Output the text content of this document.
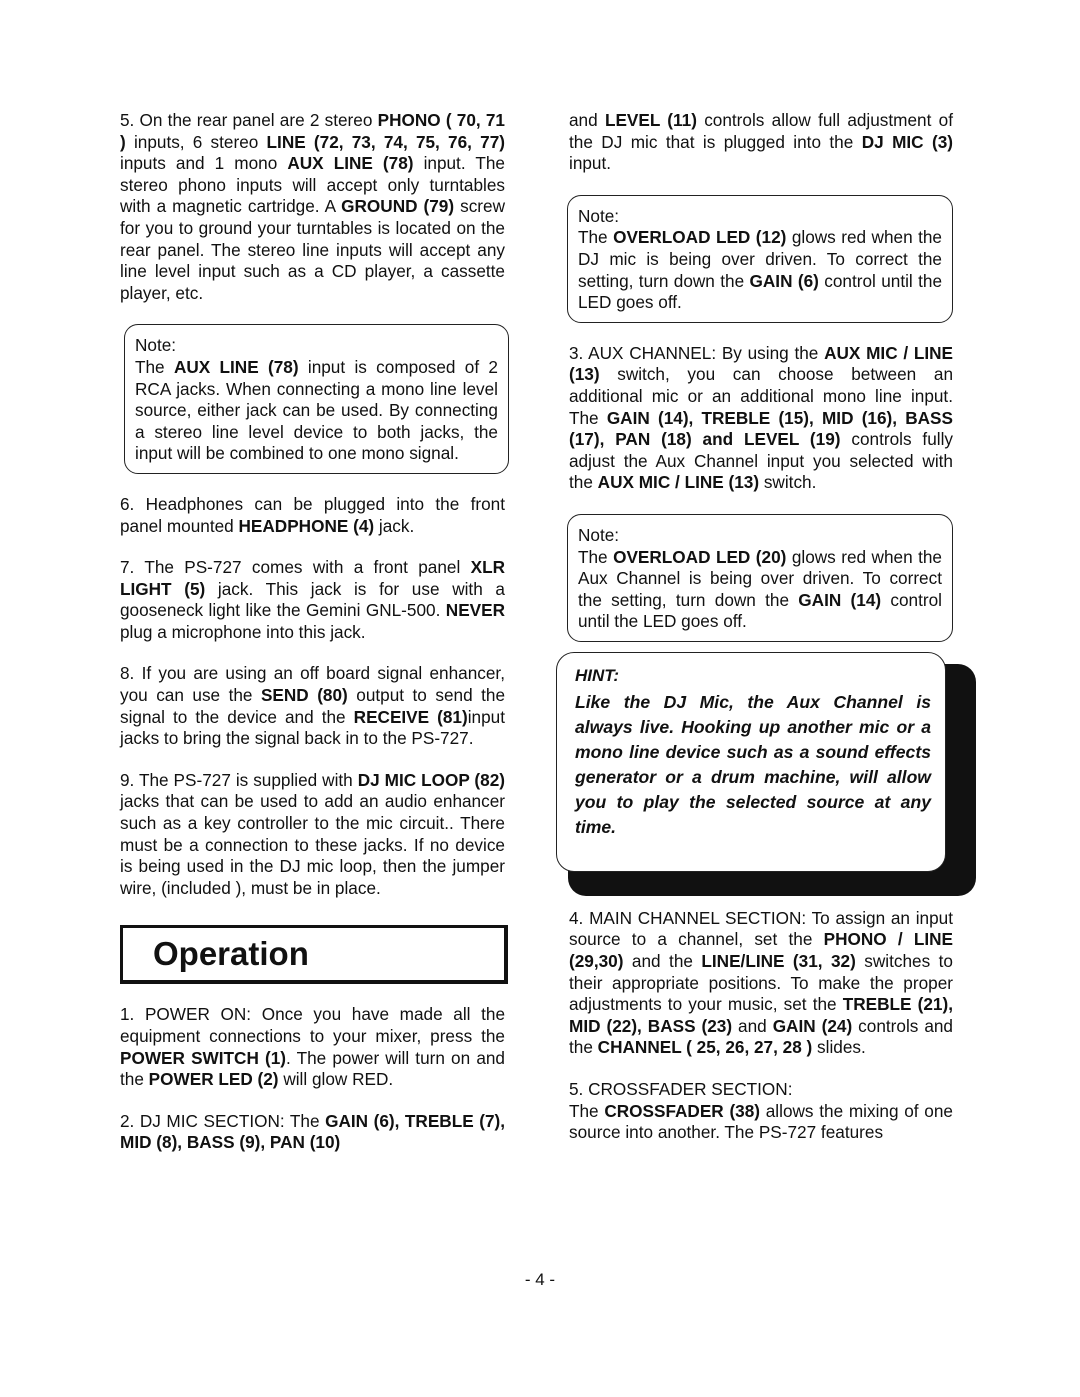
5. On the rear panel are 2 stereo PHONO ( 70, 71 ) inputs, 6 stereo LINE (72, 73, 74, 75, 76, 77) inputs and 1 mono AUX LINE (78) input. The stereo phono inputs will accept only turntables with a magnetic cartridge. A GROUND (79) screw for you to ground your turntables is located on the rear panel. The stereo line inputs will accept any line level input such as a CD player, a cassette player, etc.

Note:

The AUX LINE (78) input is composed of 2 RCA jacks. When connecting a mono line level source, either jack can be used. By connecting a stereo line level device to both jacks, the input will be combined to one mono signal.

6. Headphones can be plugged into the front panel mounted HEADPHONE (4) jack.

7. The PS-727 comes with a front panel XLR LIGHT (5) jack. This jack is for use with a gooseneck light like the Gemini GNL-500. NEVER plug a microphone into this jack.

8. If you are using an off board signal enhancer, you can use the SEND (80) output to send the signal to the device and the RECEIVE (81)input jacks to bring the signal back in to the PS-727.

9. The PS-727 is supplied with DJ MIC LOOP (82) jacks that can be used to add an audio enhancer such as a key controller to the mic circuit.. There must be a connection to these jacks. If no device is being used in the DJ mic loop, then the jumper wire, (included ), must be in place.

Operation

1. POWER ON: Once you have made all the equipment connections to your mixer, press the POWER SWITCH (1). The power will turn on and the POWER LED (2) will glow RED.

2. DJ MIC SECTION: The GAIN (6), TREBLE (7), MID (8), BASS (9), PAN (10)

and LEVEL (11) controls allow full adjustment of the DJ mic that is plugged into the DJ MIC (3) input.

Note:

The OVERLOAD LED (12) glows red when the DJ mic is being over driven. To correct the setting, turn down the GAIN (6) control until the LED goes off.

3. AUX CHANNEL: By using the AUX MIC / LINE (13) switch, you can choose between an additional mic or an additional mono line input. The GAIN (14), TREBLE (15), MID (16), BASS (17), PAN (18) and LEVEL (19) controls fully adjust the Aux Channel input you selected with the AUX MIC / LINE (13) switch.

Note:

The OVERLOAD LED (20) glows red when the Aux Channel is being over driven. To correct the setting, turn down the GAIN (14) control until the LED goes off.

HINT:
Like the DJ Mic, the Aux Channel is always live. Hooking up another mic or a mono line device such as a sound effects generator or a drum machine, will allow you to play the selected source at any time.

4. MAIN CHANNEL SECTION: To assign an input source to a channel, set the PHONO / LINE (29,30) and the LINE/LINE (31, 32) switches to their appropriate positions. To make the proper adjustments to your music, set the TREBLE (21), MID (22), BASS (23) and GAIN (24) controls and the CHANNEL ( 25, 26, 27, 28 ) slides.

5. CROSSFADER SECTION:

The CROSSFADER (38) allows the mixing of one source into another. The PS-727 features

- 4 -
